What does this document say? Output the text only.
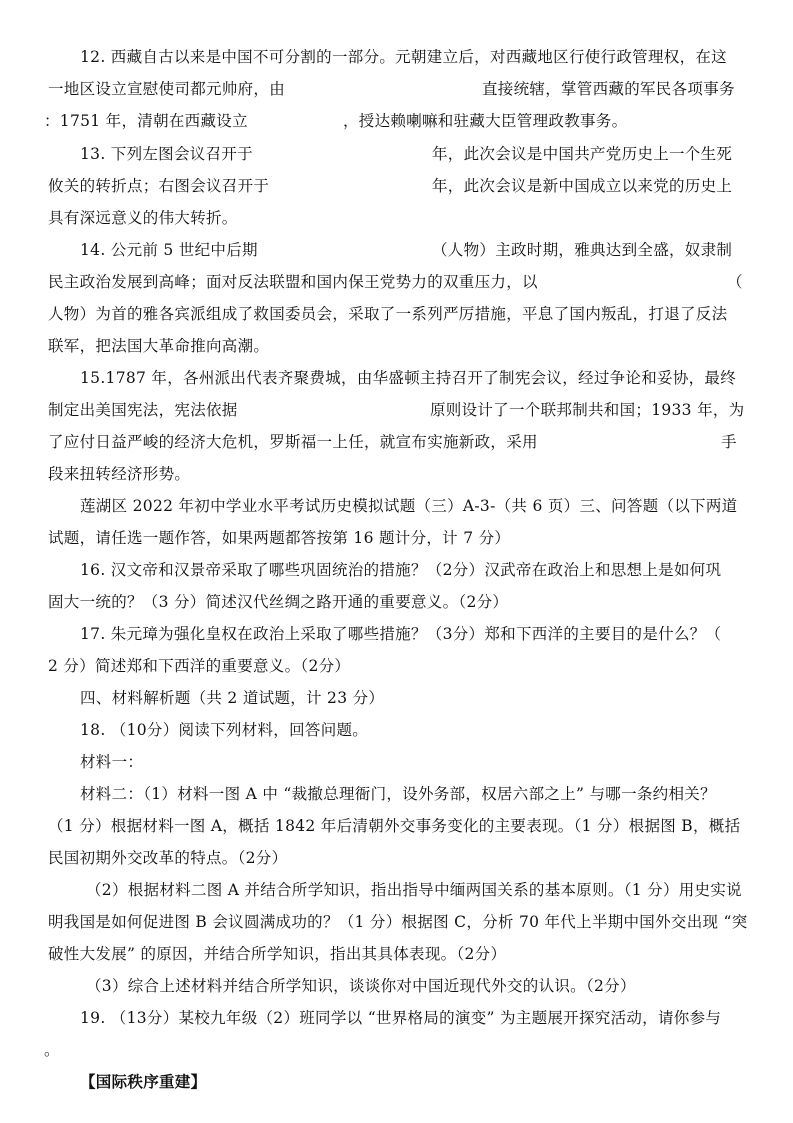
12. 西藏自古以来是中国不可分割的一部分。元朝建立后，对西藏地区行使行政管理权，在这
一地区设立宣慰使司都元帅府，由	直接统辖，掌管西藏的军民各项事务
：1751 年，清朝在西藏设立	，授达赖喇嘛和驻藏大臣管理政教事务。
13. 下列左图会议召开于	年，此次会议是中国共产党历史上一个生死
攸关的转折点；右图会议召开于	年，此次会议是新中国成立以来党的历史上
具有深远意义的伟大转折。
14. 公元前 5 世纪中后期	（人物）主政时期，雅典达到全盛，奴隶制
民主政治发展到高峰；面对反法联盟和国内保王党势力的双重压力，以	（
人物）为首的雅各宾派组成了救国委员会，采取了一系列严厉措施，平息了国内叛乱，打退了反法
联军，把法国大革命推向高潮。
15.1787 年，各州派出代表齐聚费城，由华盛顿主持召开了制宪会议，经过争论和妥协，最终
制定出美国宪法，宪法依据	原则设计了一个联邦制共和国；1933 年，为
了应付日益严峻的经济大危机，罗斯福一上任，就宣布实施新政，采用	手
段来扭转经济形势。
莲湖区 2022 年初中学业水平考试历史模拟试题（三）A-3-（共 6 页）三、问答题（以下两道
试题，请任选一题作答，如果两题都答按第 16 题计分，计 7 分）
16. 汉文帝和汉景帝采取了哪些巩固统治的措施？（2分）汉武帝在政治上和思想上是如何巩
固大一统的？（3 分）简述汉代丝绸之路开通的重要意义。（2分）
17. 朱元璋为强化皇权在政治上采取了哪些措施？（3分）郑和下西洋的主要目的是什么？（
2 分）简述郑和下西洋的重要意义。（2分）
四、材料解析题（共 2 道试题，计 23 分）
18. （10分）阅读下列材料，回答问题。
材料一：
材料二：（1）材料一图 A 中 “裁撤总理衙门，设外务部，权居六部之上” 与哪一条约相关？
（1 分）根据材料一图 A，概括 1842 年后清朝外交事务变化的主要表现。（1 分）根据图 B，概括
民国初期外交改革的特点。（2分）
（2）根据材料二图 A 并结合所学知识，指出指导中缅两国关系的基本原则。（1 分）用史实说
明我国是如何促进图 B 会议圆满成功的？（1 分）根据图 C，分析 70 年代上半期中国外交出现 “突
破性大发展” 的原因，并结合所学知识，指出其具体表现。（2分）
（3）综合上述材料并结合所学知识，谈谈你对中国近现代外交的认识。（2分）
19. （13分）某校九年级（2）班同学以 “世界格局的演变” 为主题展开探究活动，请你参与
。
【国际秩序重建】
